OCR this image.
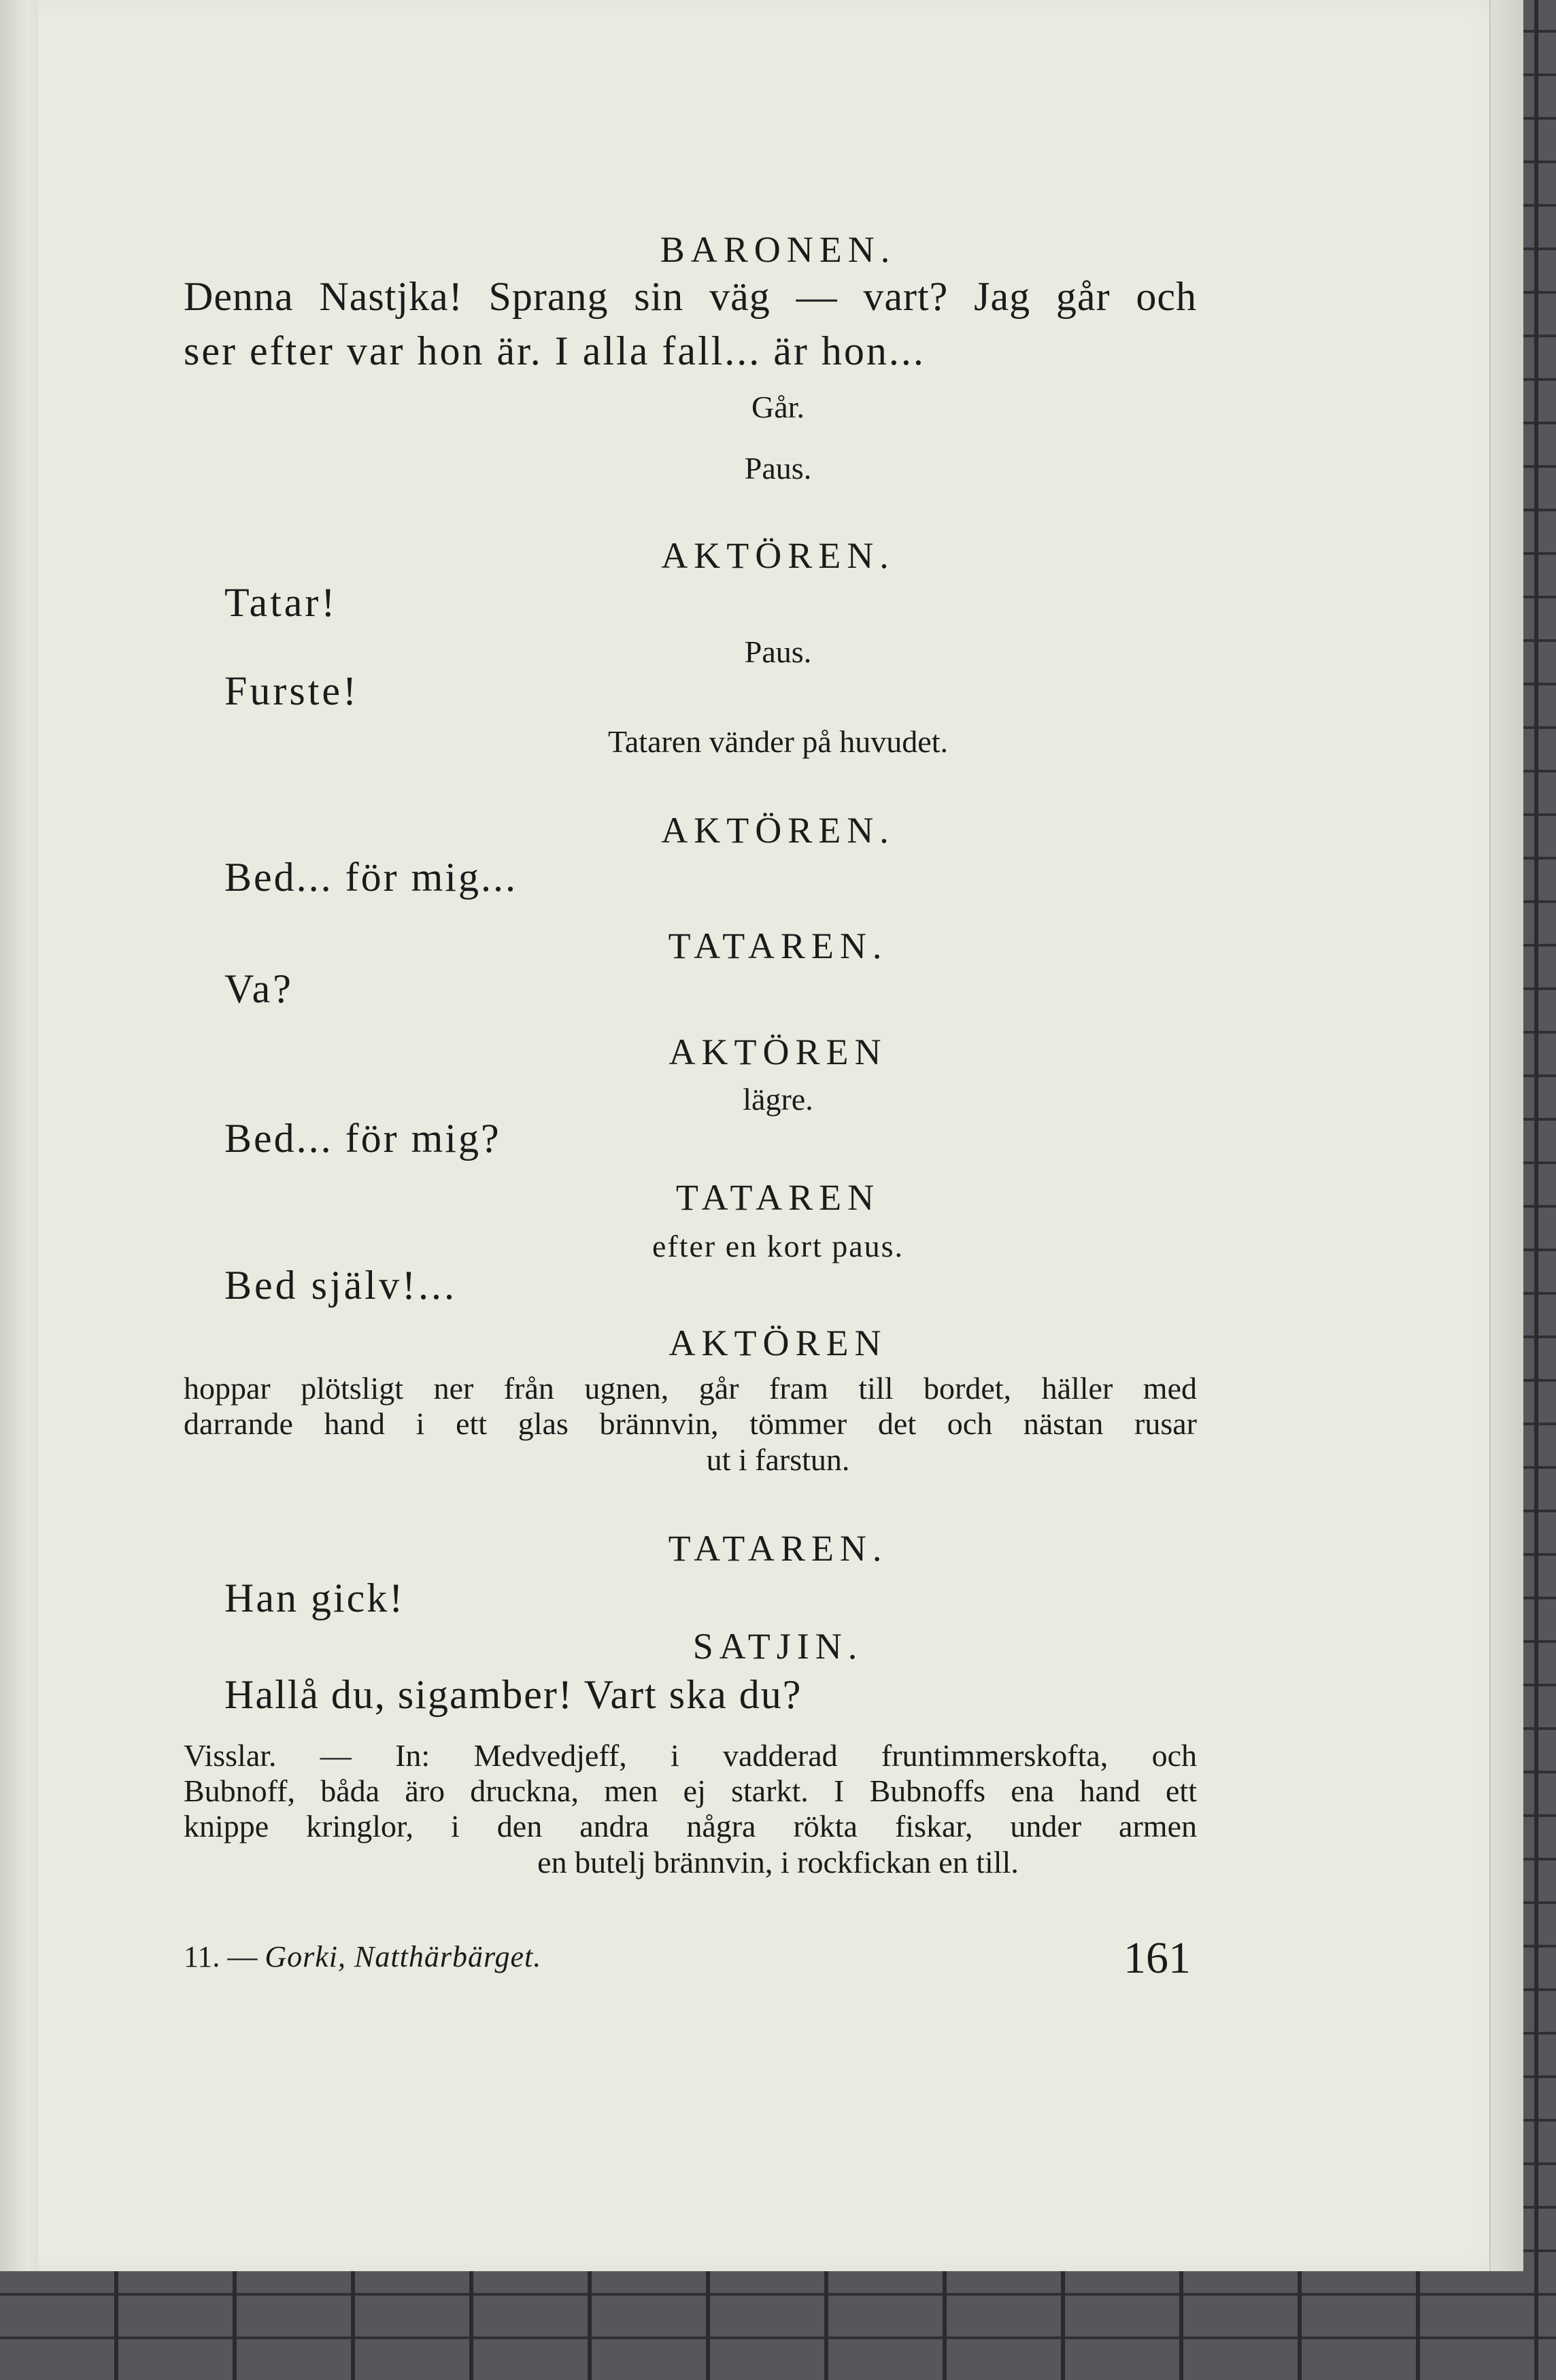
BARONEN.
Denna Nastjka! Sprang sin väg — vart? Jag går och
ser efter var hon är. I alla fall... är hon...
Går.
Paus.
AKTÖREN.
Tatar!
Paus.
Furste!
Tataren vänder på huvudet.
AKTÖREN.
Bed... för mig...
TATAREN.
Va?
AKTÖREN
lägre.
Bed... för mig?
TATAREN
efter en kort paus.
Bed själv!...
AKTÖREN
hoppar plötsligt ner från ugnen, går fram till bordet, häller med
darrande hand i ett glas brännvin, tömmer det och nästan rusar
ut i farstun.
TATAREN.
Han gick!
SATJIN.
Hallå du, sigamber! Vart ska du?
Visslar. — In: Medvedjeff, i vadderad fruntimmerskofta, och
Bubnoff, båda äro druckna, men ej starkt. I Bubnoffs ena hand ett
knippe kringlor, i den andra några rökta fiskar, under armen
en butelj brännvin, i rockfickan en till.
11. — Gorki, Natthärbärget.	161
